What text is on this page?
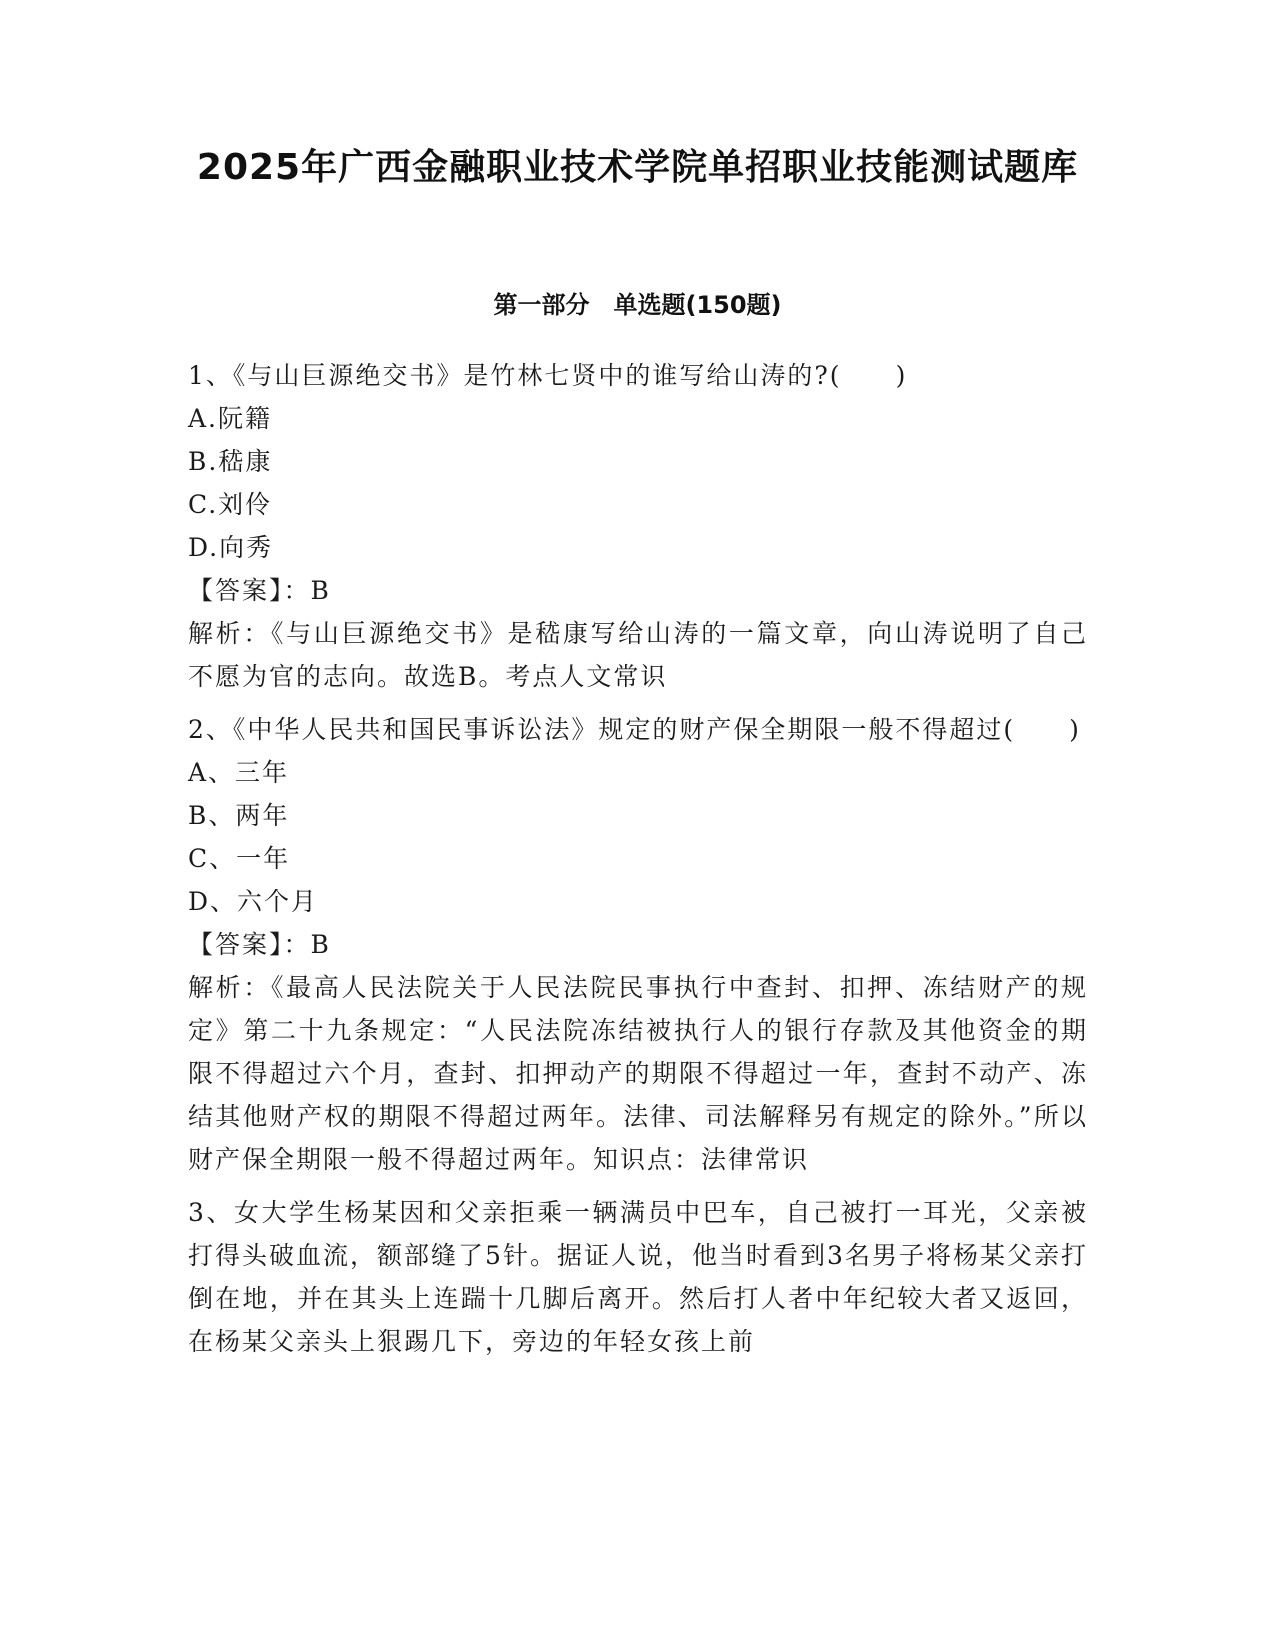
2025年广西金融职业技术学院单招职业技能测试题库
第一部分　单选题(150题)

1、《与山巨源绝交书》是竹林七贤中的谁写给山涛的?(　　)

A.阮籍

B.嵇康

C.刘伶

D.向秀

【答案】：B

解析：《与山巨源绝交书》是嵇康写给山涛的一篇文章，向山涛说明了自己不愿为官的志向。故选B。考点人文常识

2、《中华人民共和国民事诉讼法》规定的财产保全期限一般不得超过(　　)

A、三年

B、两年

C、一年

D、六个月

【答案】：B

解析：《最高人民法院关于人民法院民事执行中查封、扣押、冻结财产的规定》第二十九条规定：“人民法院冻结被执行人的银行存款及其他资金的期限不得超过六个月，查封、扣押动产的期限不得超过一年，查封不动产、冻结其他财产权的期限不得超过两年。法律、司法解释另有规定的除外。”所以财产保全期限一般不得超过两年。知识点：法律常识

3、女大学生杨某因和父亲拒乘一辆满员中巴车，自己被打一耳光，父亲被打得头破血流，额部缝了5针。据证人说，他当时看到3名男子将杨某父亲打倒在地，并在其头上连踹十几脚后离开。然后打人者中年纪较大者又返回，在杨某父亲头上狠踢几下，旁边的年轻女孩上前
